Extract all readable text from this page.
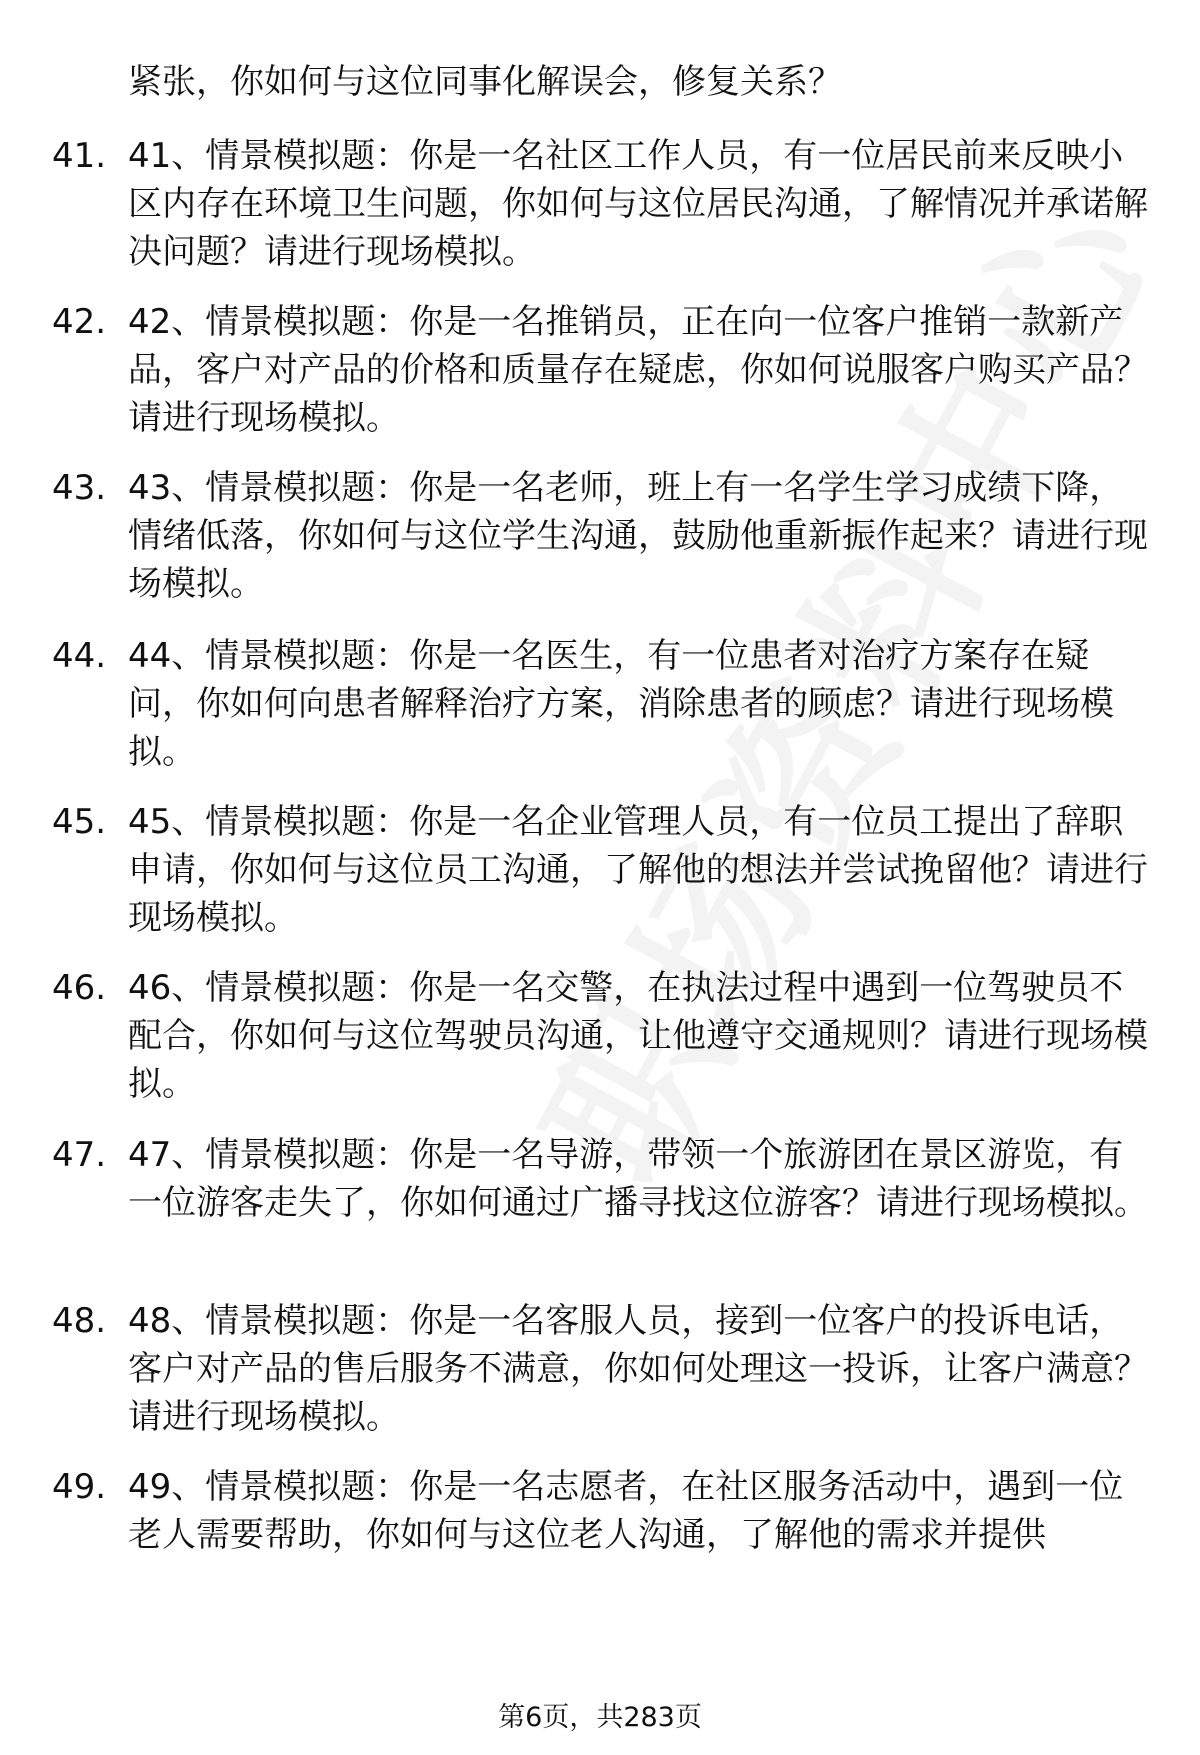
紧张，你如何与这位同事化解误会，修复关系？
41. 41、情景模拟题：你是一名社区工作人员，有一位居民前来反映小区内存在环境卫生问题，你如何与这位居民沟通，了解情况并承诺解决问题？请进行现场模拟。
42. 42、情景模拟题：你是一名推销员，正在向一位客户推销一款新产品，客户对产品的价格和质量存在疑虑，你如何说服客户购买产品？请进行现场模拟。
43. 43、情景模拟题：你是一名老师，班上有一名学生学习成绩下降，情绪低落，你如何与这位学生沟通，鼓励他重新振作起来？请进行现场模拟。
44. 44、情景模拟题：你是一名医生，有一位患者对治疗方案存在疑问，你如何向患者解释治疗方案，消除患者的顾虑？请进行现场模拟。
45. 45、情景模拟题：你是一名企业管理人员，有一位员工提出了辞职申请，你如何与这位员工沟通，了解他的想法并尝试挽留他？请进行现场模拟。
46. 46、情景模拟题：你是一名交警，在执法过程中遇到一位驾驶员不配合，你如何与这位驾驶员沟通，让他遵守交通规则？请进行现场模拟。
47. 47、情景模拟题：你是一名导游，带领一个旅游团在景区游览，有一位游客走失了，你如何通过广播寻找这位游客？请进行现场模拟。
48. 48、情景模拟题：你是一名客服人员，接到一位客户的投诉电话，客户对产品的售后服务不满意，你如何处理这一投诉，让客户满意？请进行现场模拟。
49. 49、情景模拟题：你是一名志愿者，在社区服务活动中，遇到一位老人需要帮助，你如何与这位老人沟通，了解他的需求并提供
第6页，共283页
